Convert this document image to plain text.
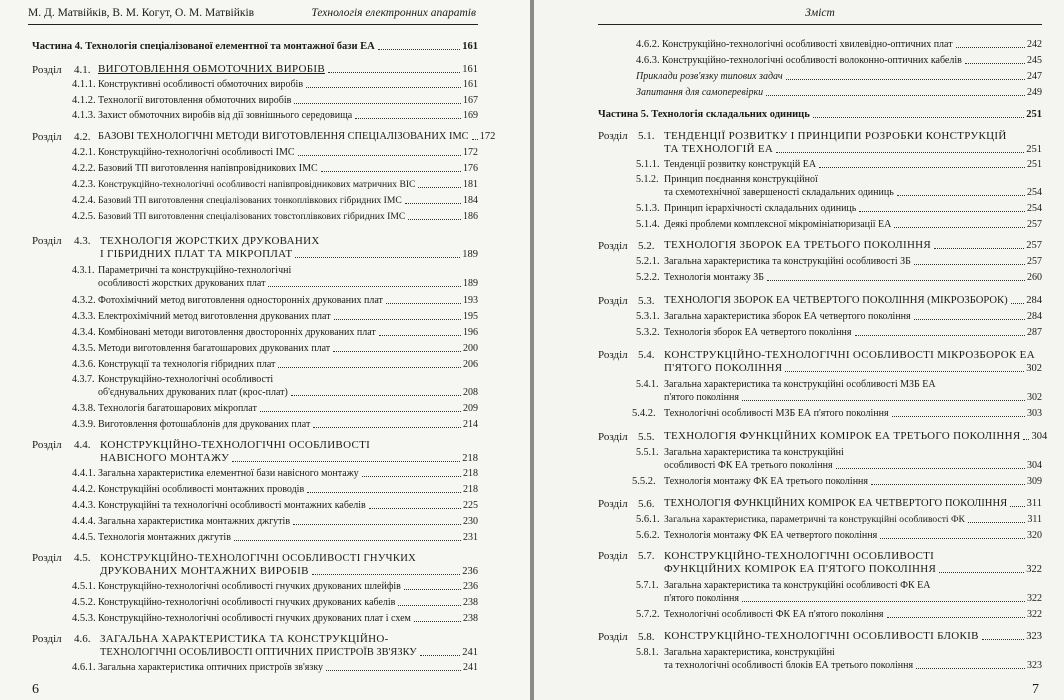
М. Д. Матвійків, В. М. Когут, О. М. Матвійків	Технологія електронних апаратів
Частина 4. Технологія спеціалізованої елементної та монтажної бази ЕА	161
Розділ 4.1. ВИГОТОВЛЕННЯ ОБМОТОЧНИХ ВИРОБІВ	161
4.1.1. Конструктивні особливості обмоточних виробів	161
4.1.2. Технології виготовлення обмоточних виробів	167
4.1.3. Захист обмоточних виробів від дії зовнішнього середовища	169
Розділ 4.2. БАЗОВІ ТЕХНОЛОГІЧНІ МЕТОДИ ВИГОТОВЛЕННЯ СПЕЦІАЛІЗОВАНИХ ІМС 172
4.2.1. Конструкційно-технологічні особливості ІМС	172
4.2.2. Базовий ТП виготовлення напівпровідникових ІМС	176
4.2.3. Конструкційно-технологічні особливості напівпровідникових матричних ВІС	181
4.2.4. Базовий ТП виготовлення спеціалізованих тонкоплівкових гібридних ІМС	184
4.2.5. Базовий ТП виготовлення спеціалізованих товстоплівкових гібридних ІМС	186
Розділ 4.3. ТЕХНОЛОГІЯ ЖОРСТКИХ ДРУКОВАНИХ
І ГІБРИДНИХ ПЛАТ ТА МІКРОПЛАТ	189
4.3.1. Параметричні та конструкційно-технологічні
особливості жорстких друкованих плат	189
4.3.2. Фотохімічний метод виготовлення односторонніх друкованих плат	193
4.3.3. Електрохімічний метод виготовлення друкованих плат	195
4.3.4. Комбіновані методи виготовлення двосторонніх друкованих плат	196
4.3.5. Методи виготовлення багатошарових друкованих плат	200
4.3.6. Конструкції та технологія гібридних плат	206
4.3.7. Конструкційно-технологічні особливості
об'єднувальних друкованих плат (крос-плат)	208
4.3.8. Технологія багатошарових мікроплат	209
4.3.9. Виготовлення фотошаблонів для друкованих плат	214
Розділ 4.4. КОНСТРУКЦІЙНО-ТЕХНОЛОГІЧНІ ОСОБЛИВОСТІ
НАВІСНОГО МОНТАЖУ	218
4.4.1. Загальна характеристика елементної бази навісного монтажу	218
4.4.2. Конструкційні особливості монтажних проводів	218
4.4.3. Конструкційні та технологічні особливості монтажних кабелів	225
4.4.4. Загальна характеристика монтажних джгутів	230
4.4.5. Технологія монтажних джгутів	231
Розділ 4.5. КОНСТРУКЦІЙНО-ТЕХНОЛОГІЧНІ ОСОБЛИВОСТІ ГНУЧКИХ
ДРУКОВАНИХ МОНТАЖНИХ ВИРОБІВ	236
4.5.1. Конструкційно-технологічні особливості гнучких друкованих шлейфів	236
4.5.2. Конструкційно-технологічні особливості гнучких друкованих кабелів	238
4.5.3. Конструкційно-технологічні особливості гнучких друкованих плат і схем	238
Розділ 4.6. ЗАГАЛЬНА ХАРАКТЕРИСТИКА ТА КОНСТРУКЦІЙНО-
ТЕХНОЛОГІЧНІ ОСОБЛИВОСТІ ОПТИЧНИХ ПРИСТРОЇВ ЗВ'ЯЗКУ	241
4.6.1. Загальна характеристика оптичних пристроїв зв'язку	241
6
Зміст
4.6.2. Конструкційно-технологічні особливості хвилевідно-оптичних плат	242
4.6.3. Конструкційно-технологічні особливості волоконно-оптичних кабелів	245
Приклади розв'язку типових задач	247
Запитання для самоперевірки	249
Частина 5. Технологія складальних одиниць	251
Розділ 5.1. ТЕНДЕНЦІЇ РОЗВИТКУ І ПРИНЦИПИ РОЗРОБКИ КОНСТРУКЦІЙ
ТА ТЕХНОЛОГІЙ ЕА	251
5.1.1. Тенденції розвитку конструкцій ЕА	251
5.1.2. Принцип поєднання конструкційної
та схемотехнічної завершеності складальних одиниць	254
5.1.3. Принцип ієрархічності складальних одиниць	254
5.1.4. Деякі проблеми комплексної мікромініатюризації ЕА	257
Розділ 5.2. ТЕХНОЛОГІЯ ЗБОРОК ЕА ТРЕТЬОГО ПОКОЛІННЯ	257
5.2.1. Загальна характеристика та конструкційні особливості ЗБ	257
5.2.2. Технологія монтажу ЗБ	260
Розділ 5.3. ТЕХНОЛОГІЯ ЗБОРОК ЕА ЧЕТВЕРТОГО ПОКОЛІННЯ (МІКРОЗБОРОК) 284
5.3.1. Загальна характеристика зборок ЕА четвертого покоління	284
5.3.2. Технологія зборок ЕА четвертого покоління	287
Розділ 5.4. КОНСТРУКЦІЙНО-ТЕХНОЛОГІЧНІ ОСОБЛИВОСТІ МІКРОЗБОРОК ЕА
П'ЯТОГО ПОКОЛІННЯ	302
5.4.1. Загальна характеристика та конструкційні особливості МЗБ ЕА
п'ятого покоління	302
5.4.2. Технологічні особливості МЗБ ЕА п'ятого покоління	303
Розділ 5.5. ТЕХНОЛОГІЯ ФУНКЦІЙНИХ КОМІРОК ЕА ТРЕТЬОГО ПОКОЛІННЯ 304
5.5.1. Загальна характеристика та конструкційні
особливості ФК ЕА третього покоління	304
5.5.2. Технологія монтажу ФК ЕА третього покоління	309
Розділ 5.6. ТЕХНОЛОГІЯ ФУНКЦІЙНИХ КОМІРОК ЕА ЧЕТВЕРТОГО ПОКОЛІННЯ 311
5.6.1. Загальна характеристика, параметричні та конструкційні особливості ФК	311
5.6.2. Технологія монтажу ФК ЕА четвертого покоління	320
Розділ 5.7. КОНСТРУКЦІЙНО-ТЕХНОЛОГІЧНІ ОСОБЛИВОСТІ
ФУНКЦІЙНИХ КОМІРОК ЕА П'ЯТОГО ПОКОЛІННЯ	322
5.7.1. Загальна характеристика та конструкційні особливості ФК ЕА
п'ятого покоління	322
5.7.2. Технологічні особливості ФК ЕА п'ятого покоління	322
Розділ 5.8. КОНСТРУКЦІЙНО-ТЕХНОЛОГІЧНІ ОСОБЛИВОСТІ БЛОКІВ	323
5.8.1. Загальна характеристика, конструкційні
та технологічні особливості блоків ЕА третього покоління	323
7
